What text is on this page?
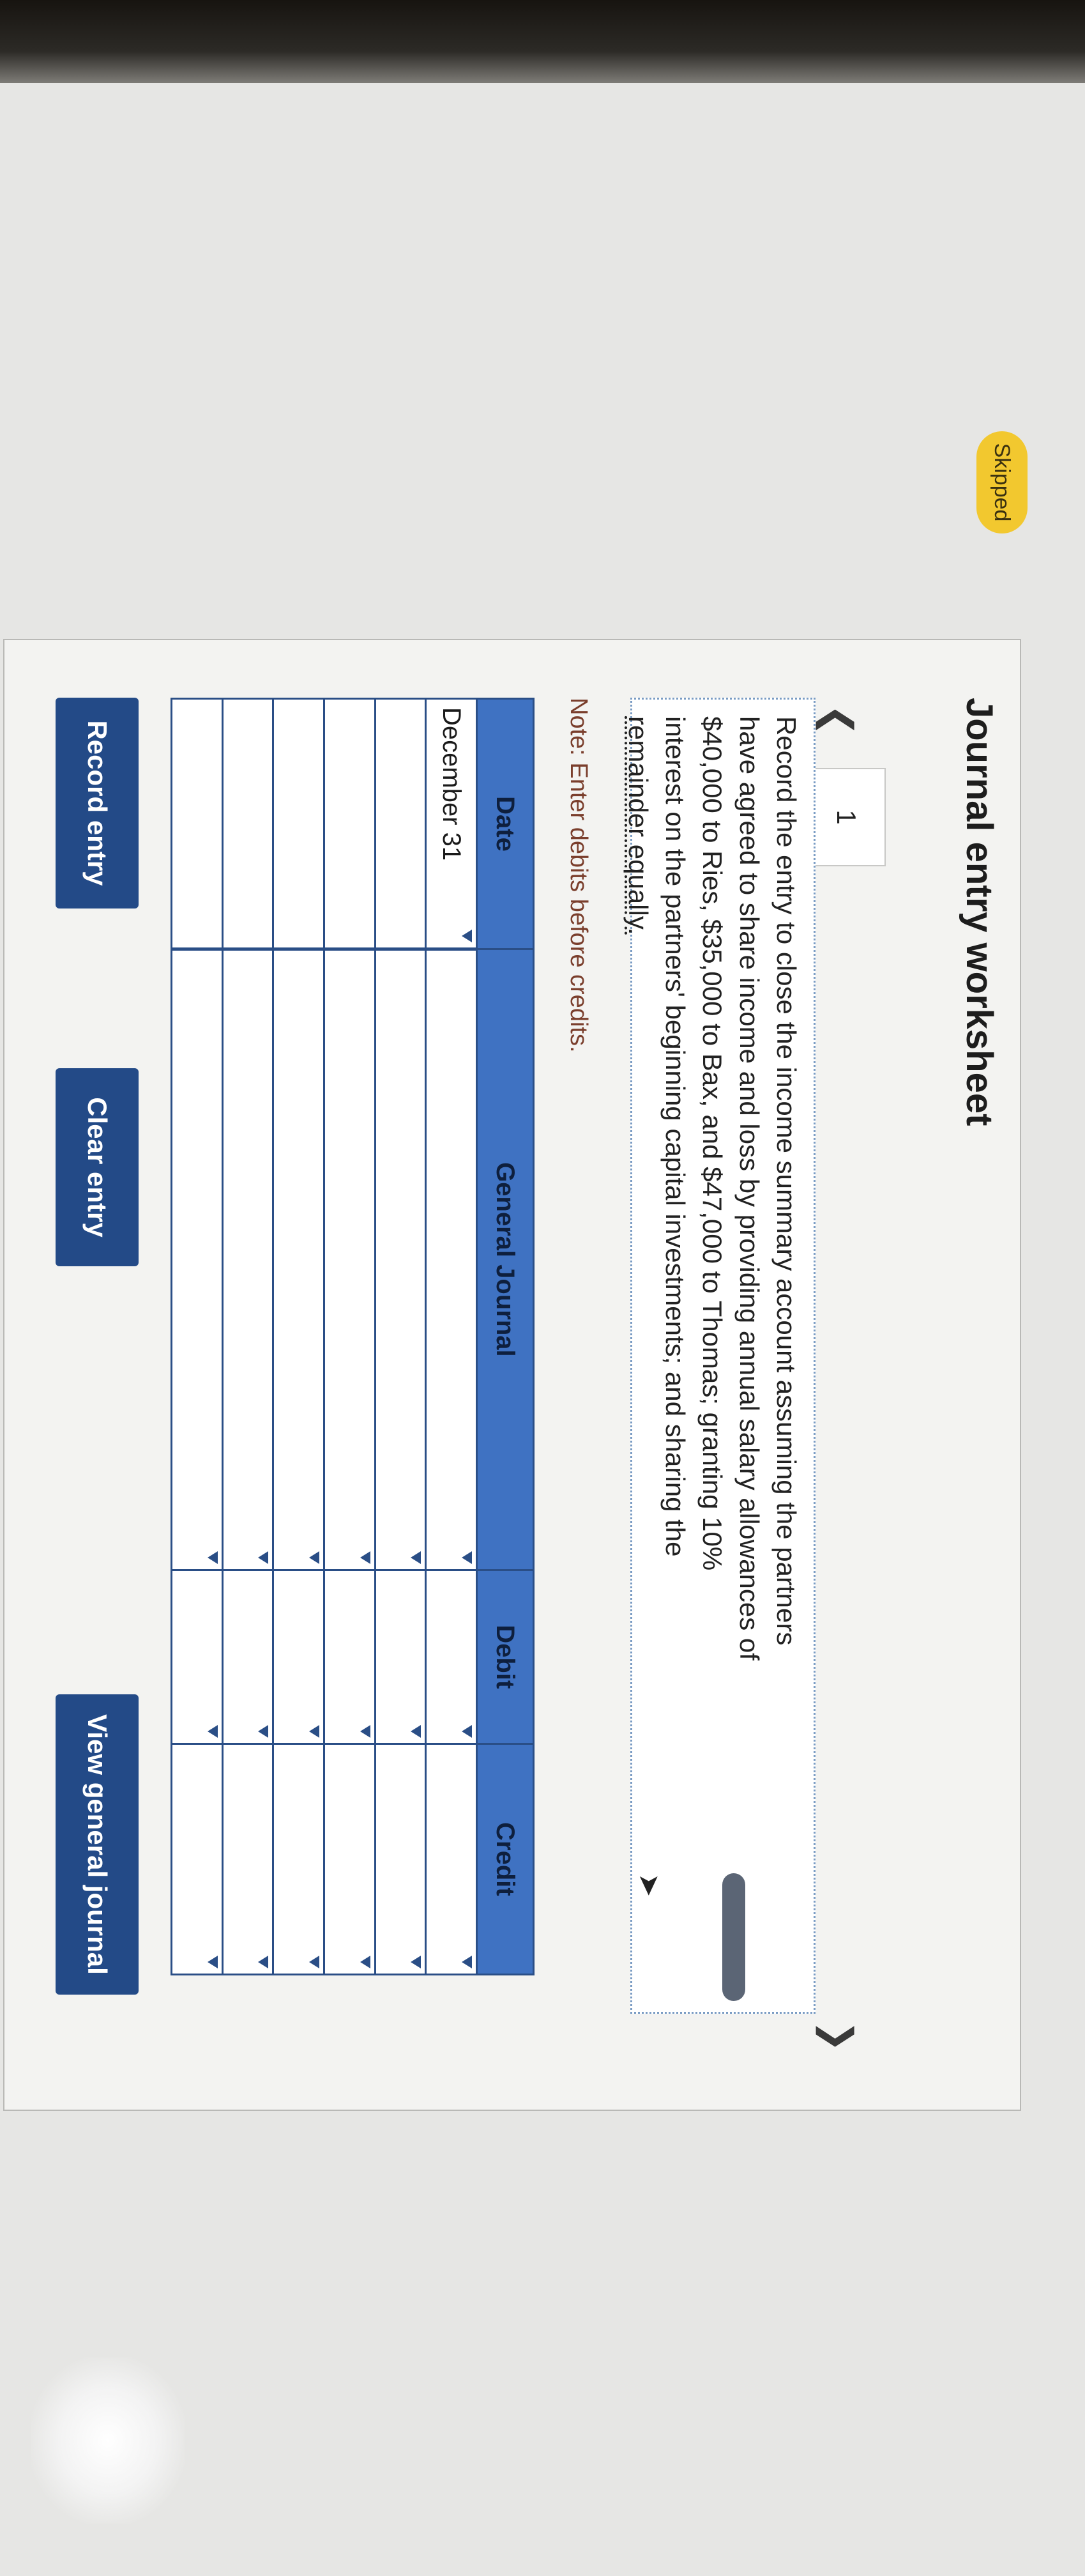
Skipped
Journal entry worksheet
❮
1
❯
Record the entry to close the income summary account assuming the partners
have agreed to share income and loss by providing annual salary allowances of
$40,000 to Ries, $35,000 to Bax, and $47,000 to Thomas; granting 10%
interest on the partners' beginning capital investments; and sharing the
remainder equally.
➤
Note: Enter debits before credits.
Date	General Journal	Debit	Credit
December 31

Record entry
Clear entry
View general journal
